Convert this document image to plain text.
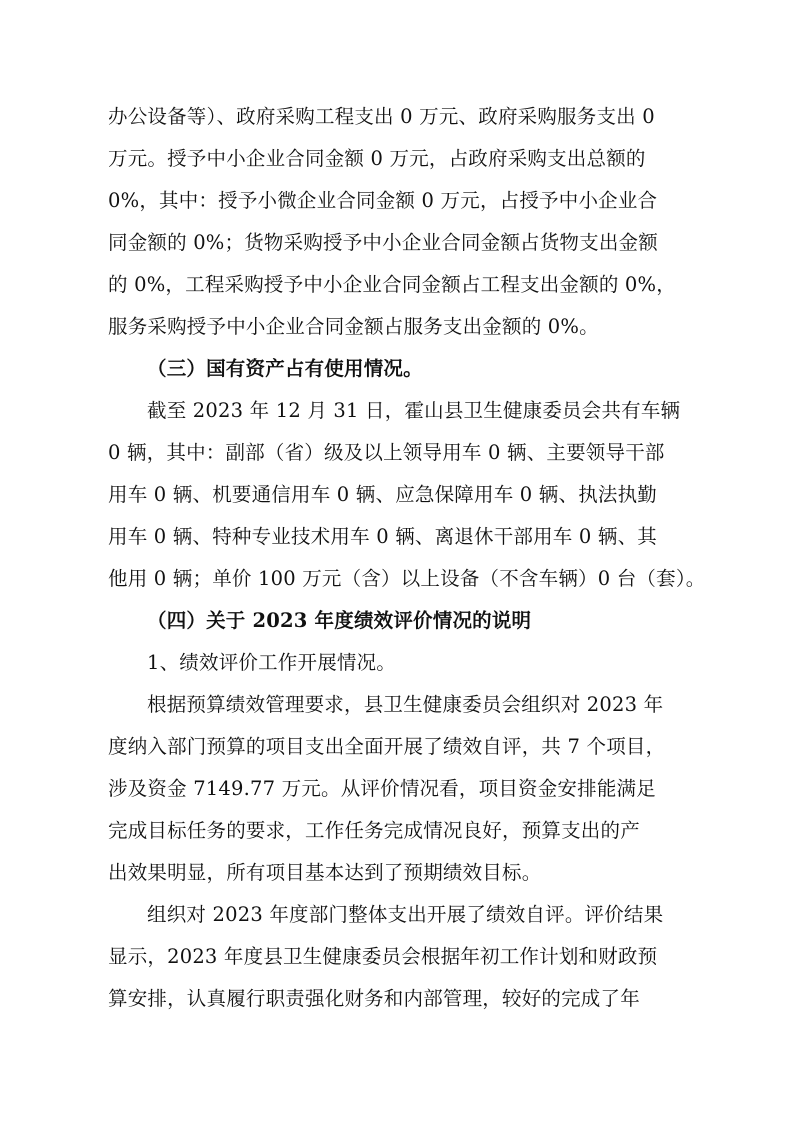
办公设备等）、政府采购工程支出 0 万元、政府采购服务支出 0
万元。授予中小企业合同金额 0 万元，占政府采购支出总额的
0%，其中：授予小微企业合同金额 0 万元，占授予中小企业合
同金额的 0%；货物采购授予中小企业合同金额占货物支出金额
的 0%，工程采购授予中小企业合同金额占工程支出金额的 0%，
服务采购授予中小企业合同金额占服务支出金额的 0%。
（三）国有资产占有使用情况。
截至 2023 年 12 月 31 日，霍山县卫生健康委员会共有车辆
0 辆，其中：副部（省）级及以上领导用车 0 辆、主要领导干部
用车 0 辆、机要通信用车 0 辆、应急保障用车 0 辆、执法执勤
用车 0 辆、特种专业技术用车 0 辆、离退休干部用车 0 辆、其
他用 0 辆；单价 100 万元（含）以上设备（不含车辆）0 台（套）。
（四）关于 2023 年度绩效评价情况的说明
1、绩效评价工作开展情况。
根据预算绩效管理要求，县卫生健康委员会组织对 2023 年
度纳入部门预算的项目支出全面开展了绩效自评，共 7 个项目，
涉及资金 7149.77 万元。从评价情况看，项目资金安排能满足
完成目标任务的要求，工作任务完成情况良好，预算支出的产
出效果明显，所有项目基本达到了预期绩效目标。
组织对 2023 年度部门整体支出开展了绩效自评。评价结果
显示，2023 年度县卫生健康委员会根据年初工作计划和财政预
算安排，认真履行职责强化财务和内部管理，较好的完成了年
